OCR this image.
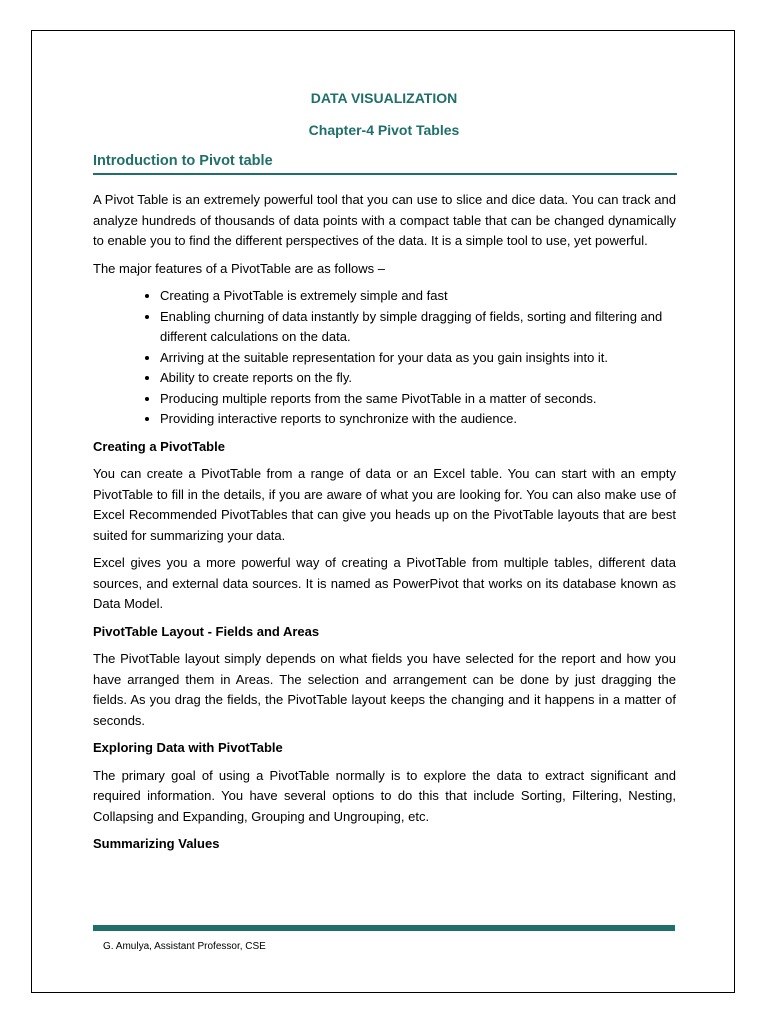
DATA VISUALIZATION
Chapter-4 Pivot Tables
Introduction to Pivot table

A Pivot Table is an extremely powerful tool that you can use to slice and dice data. You can track and analyze hundreds of thousands of data points with a compact table that can be changed dynamically to enable you to find the different perspectives of the data. It is a simple tool to use, yet powerful.

The major features of a PivotTable are as follows –

• Creating a PivotTable is extremely simple and fast
• Enabling churning of data instantly by simple dragging of fields, sorting and filtering and different calculations on the data.
• Arriving at the suitable representation for your data as you gain insights into it.
• Ability to create reports on the fly.
• Producing multiple reports from the same PivotTable in a matter of seconds.
• Providing interactive reports to synchronize with the audience.
Creating a PivotTable

You can create a PivotTable from a range of data or an Excel table. You can start with an empty PivotTable to fill in the details, if you are aware of what you are looking for. You can also make use of Excel Recommended PivotTables that can give you heads up on the PivotTable layouts that are best suited for summarizing your data.

Excel gives you a more powerful way of creating a PivotTable from multiple tables, different data sources, and external data sources. It is named as PowerPivot that works on its database known as Data Model.

PivotTable Layout - Fields and Areas

The PivotTable layout simply depends on what fields you have selected for the report and how you have arranged them in Areas. The selection and arrangement can be done by just dragging the fields. As you drag the fields, the PivotTable layout keeps the changing and it happens in a matter of seconds.

Exploring Data with PivotTable

The primary goal of using a PivotTable normally is to explore the data to extract significant and required information. You have several options to do this that include Sorting, Filtering, Nesting, Collapsing and Expanding, Grouping and Ungrouping, etc.

Summarizing Values
G. Amulya, Assistant Professor, CSE
